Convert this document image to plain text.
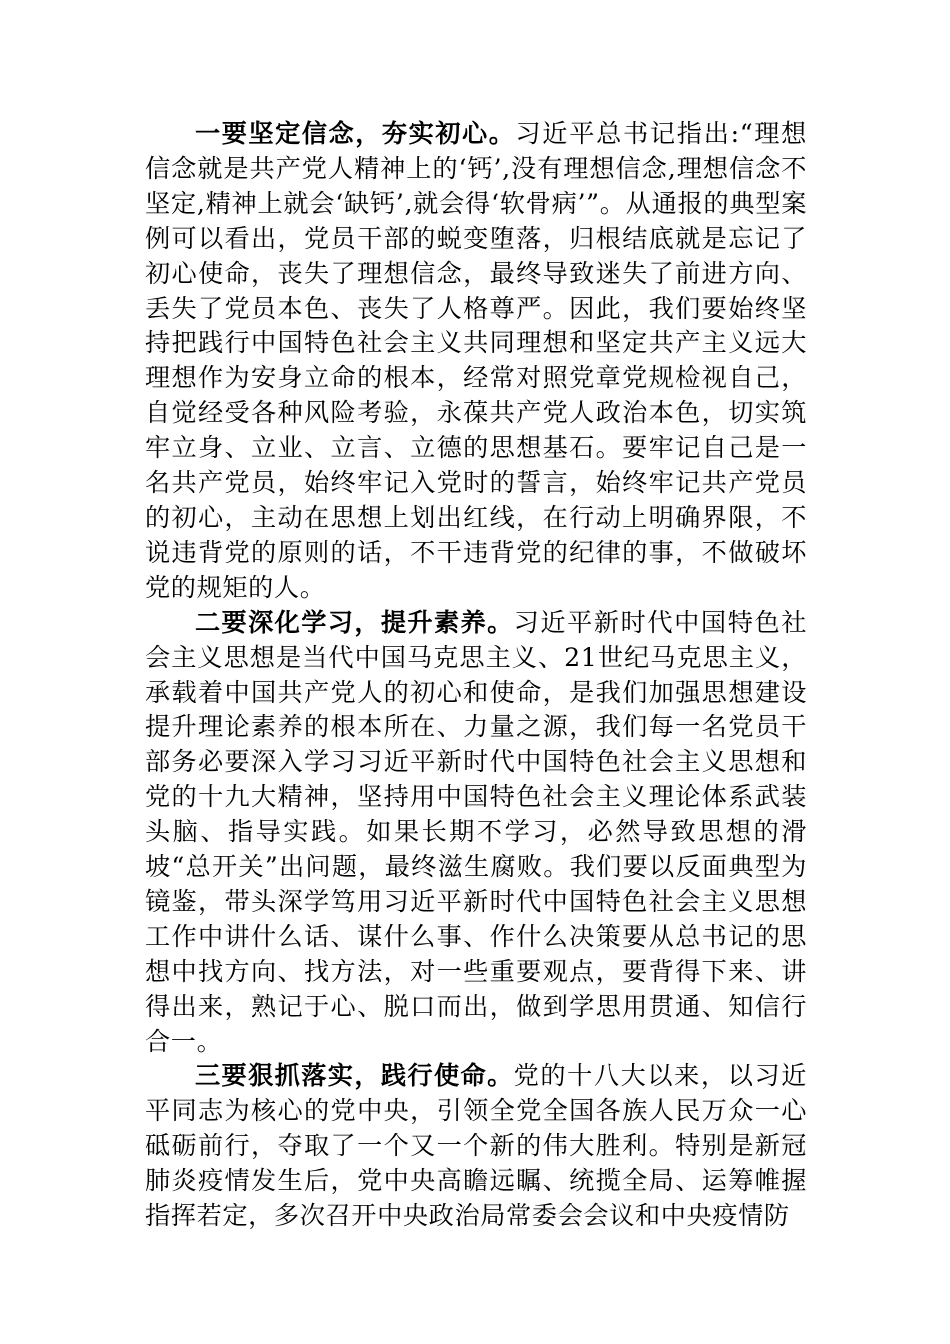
一要坚定信念，夯实初心。习近平总书记指出:“理想信念就是共产党人精神上的‘钙’,没有理想信念,理想信念不坚定,精神上就会‘缺钙’,就会得‘软骨病’”。从通报的典型案例可以看出，党员干部的蜕变堕落，归根结底就是忘记了初心使命，丧失了理想信念，最终导致迷失了前进方向、丢失了党员本色、丧失了人格尊严。因此，我们要始终坚持把践行中国特色社会主义共同理想和坚定共产主义远大理想作为安身立命的根本，经常对照党章党规检视自己，自觉经受各种风险考验，永葆共产党人政治本色，切实筑牢立身、立业、立言、立德的思想基石。要牢记自己是一名共产党员，始终牢记入党时的誓言，始终牢记共产党员的初心，主动在思想上划出红线，在行动上明确界限，不说违背党的原则的话，不干违背党的纪律的事，不做破坏党的规矩的人。

二要深化学习，提升素养。习近平新时代中国特色社会主义思想是当代中国马克思主义、21世纪马克思主义，承载着中国共产党人的初心和使命，是我们加强思想建设提升理论素养的根本所在、力量之源，我们每一名党员干部务必要深入学习习近平新时代中国特色社会主义思想和党的十九大精神，坚持用中国特色社会主义理论体系武装头脑、指导实践。如果长期不学习，必然导致思想的滑坡“总开关”出问题，最终滋生腐败。我们要以反面典型为镜鉴，带头深学笃用习近平新时代中国特色社会主义思想工作中讲什么话、谋什么事、作什么决策要从总书记的思想中找方向、找方法，对一些重要观点，要背得下来、讲得出来，熟记于心、脱口而出，做到学思用贯通、知信行合一。

三要狠抓落实，践行使命。党的十八大以来，以习近平同志为核心的党中央，引领全党全国各族人民万众一心砥砺前行，夺取了一个又一个新的伟大胜利。特别是新冠肺炎疫情发生后，党中央高瞻远瞩、统揽全局、运筹帷握指挥若定，多次召开中央政治局常委会会议和中央疫情防
